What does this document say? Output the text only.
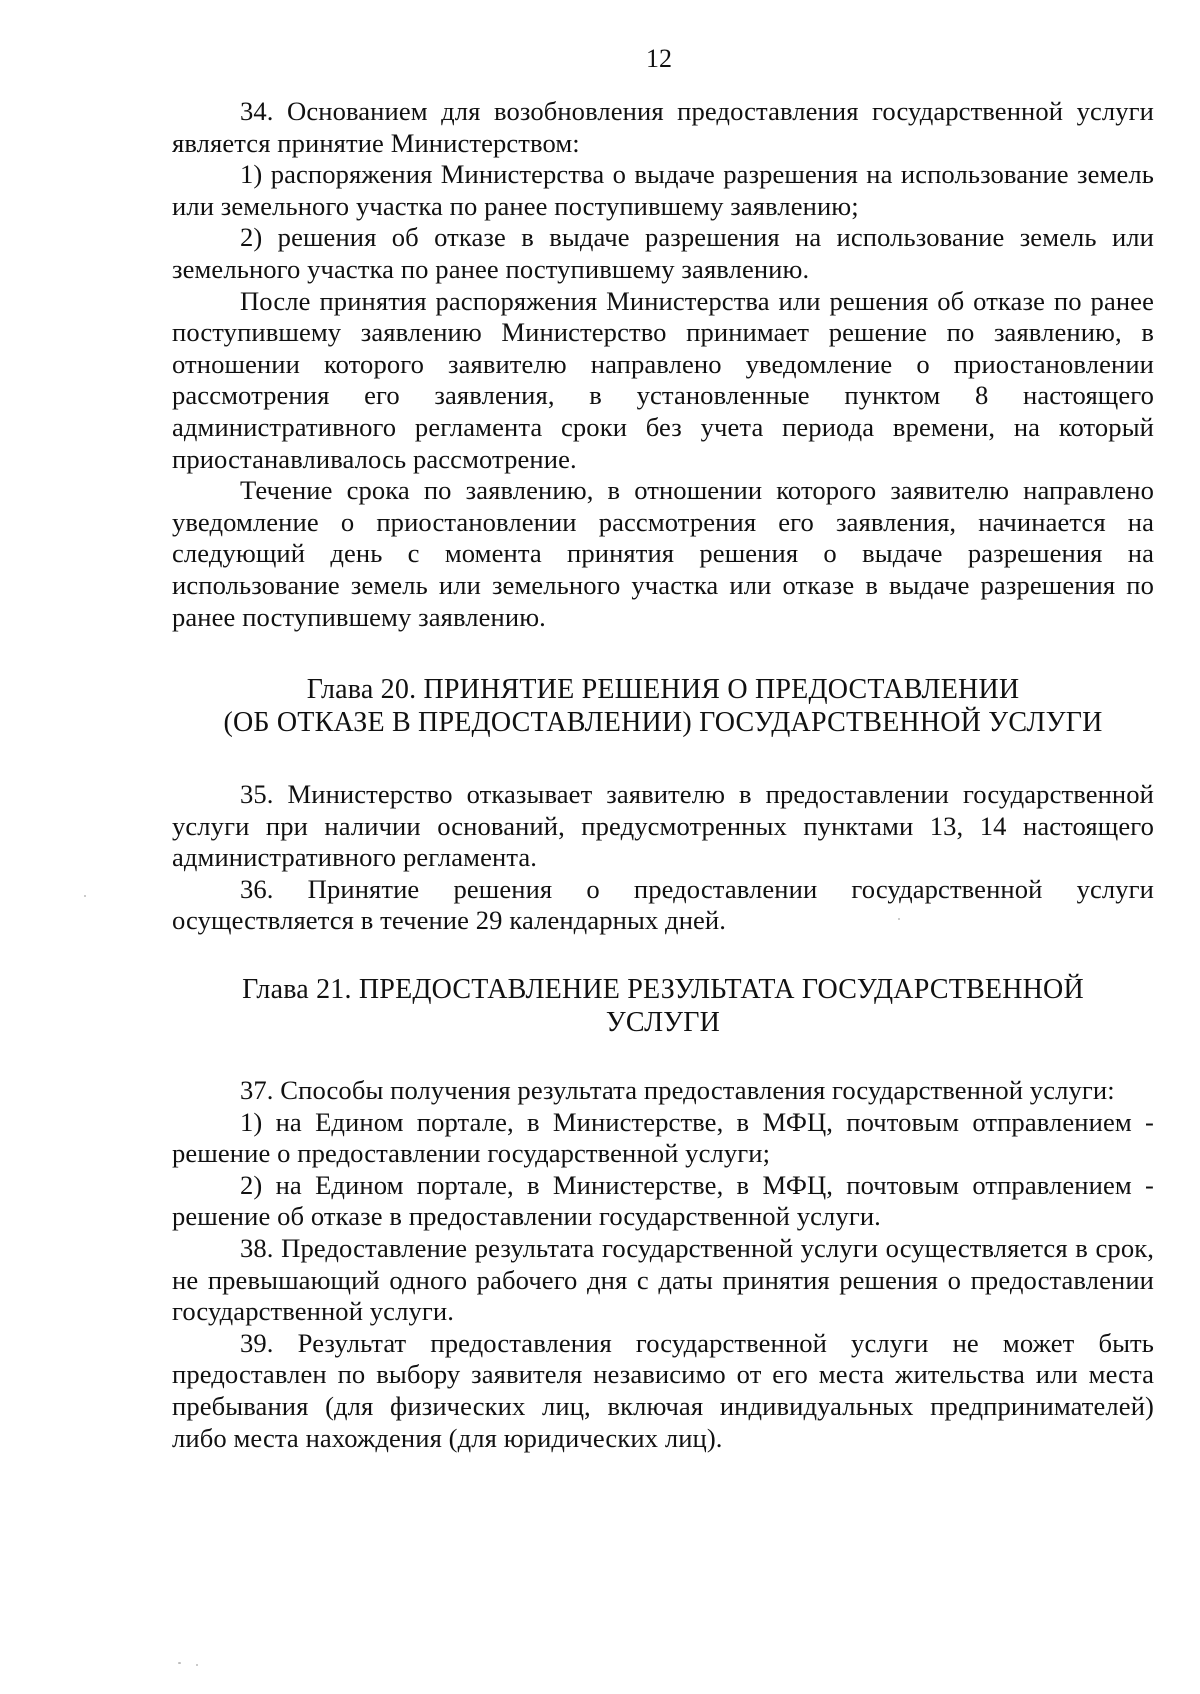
12

34. Основанием для возобновления предоставления государственной услуги является принятие Министерством:

1) распоряжения Министерства о выдаче разрешения на использование земель или земельного участка по ранее поступившему заявлению;

2) решения об отказе в выдаче разрешения на использование земель или земельного участка по ранее поступившему заявлению.

После принятия распоряжения Министерства или решения об отказе по ранее поступившему заявлению Министерство принимает решение по заявлению, в отношении которого заявителю направлено уведомление о приостановлении рассмотрения его заявления, в установленные пунктом 8 настоящего административного регламента сроки без учета периода времени, на который приостанавливалось рассмотрение.

Течение срока по заявлению, в отношении которого заявителю направлено уведомление о приостановлении рассмотрения его заявления, начинается на следующий день с момента принятия решения о выдаче разрешения на использование земель или земельного участка или отказе в выдаче разрешения по ранее поступившему заявлению.

Глава 20. ПРИНЯТИЕ РЕШЕНИЯ О ПРЕДОСТАВЛЕНИИ

(ОБ ОТКАЗЕ В ПРЕДОСТАВЛЕНИИ) ГОСУДАРСТВЕННОЙ УСЛУГИ

35. Министерство отказывает заявителю в предоставлении государственной услуги при наличии оснований, предусмотренных пунктами 13, 14 настоящего административного регламента.

36. Принятие решения о предоставлении государственной услуги осуществляется в течение 29 календарных дней.

Глава 21. ПРЕДОСТАВЛЕНИЕ РЕЗУЛЬТАТА ГОСУДАРСТВЕННОЙ

УСЛУГИ

37. Способы получения результата предоставления государственной услуги:

1) на Едином портале, в Министерстве, в МФЦ, почтовым отправлением - решение о предоставлении государственной услуги;

2) на Едином портале, в Министерстве, в МФЦ, почтовым отправлением - решение об отказе в предоставлении государственной услуги.

38. Предоставление результата государственной услуги осуществляется в срок, не превышающий одного рабочего дня с даты принятия решения о предоставлении государственной услуги.

39. Результат предоставления государственной услуги не может быть предоставлен по выбору заявителя независимо от его места жительства или места пребывания (для физических лиц, включая индивидуальных предпринимателей) либо места нахождения (для юридических лиц).
